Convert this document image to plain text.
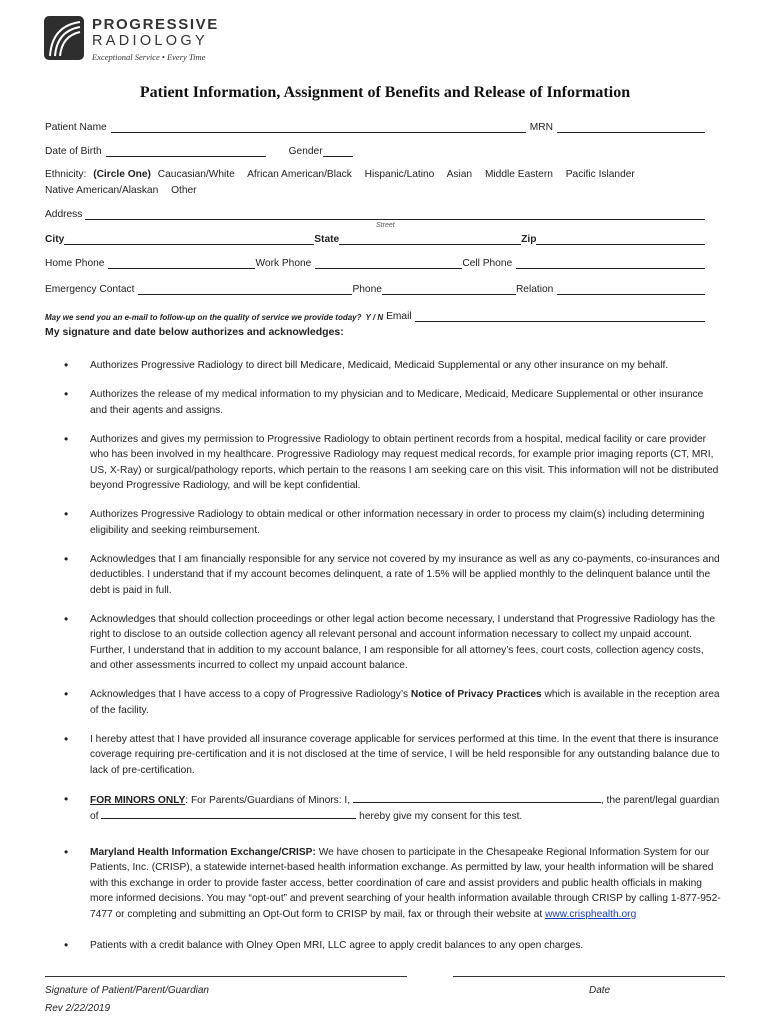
PROGRESSIVE
RADIOLOGY
Exceptional Service • Every Time
Patient Information, Assignment of Benefits and Release of Information
Patient Name	MRN
Date of Birth	Gender
Ethnicity: (Circle One) Caucasian/White African American/Black Hispanic/Latino Asian Middle Eastern Pacific Islander
Native American/Alaskan Other
Address
Street
City	State	Zip
Home Phone	Work Phone	Cell Phone
Emergency Contact	Phone	Relation
May we send you an e-mail to follow-up on the quality of service we provide today? Y / N Email
My signature and date below authorizes and acknowledges:
• Authorizes Progressive Radiology to direct bill Medicare, Medicaid, Medicaid Supplemental or any other insurance on my behalf.
• Authorizes the release of my medical information to my physician and to Medicare, Medicaid, Medicare Supplemental or other insurance and their agents and assigns.
• Authorizes and gives my permission to Progressive Radiology to obtain pertinent records from a hospital, medical facility or care provider who has been involved in my healthcare. Progressive Radiology may request medical records, for example prior imaging reports (CT, MRI, US, X-Ray) or surgical/pathology reports, which pertain to the reasons I am seeking care on this visit. This information will not be distributed beyond Progressive Radiology, and will be kept confidential.
• Authorizes Progressive Radiology to obtain medical or other information necessary in order to process my claim(s) including determining eligibility and seeking reimbursement.
• Acknowledges that I am financially responsible for any service not covered by my insurance as well as any co-payments, co-insurances and deductibles. I understand that if my account becomes delinquent, a rate of 1.5% will be applied monthly to the delinquent balance until the debt is paid in full.
• Acknowledges that should collection proceedings or other legal action become necessary, I understand that Progressive Radiology has the right to disclose to an outside collection agency all relevant personal and account information necessary to collect my unpaid account. Further, I understand that in addition to my account balance, I am responsible for all attorney’s fees, court costs, collection agency costs, and other assessments incurred to collect my unpaid account balance.
• Acknowledges that I have access to a copy of Progressive Radiology’s Notice of Privacy Practices which is available in the reception area of the facility.
• I hereby attest that I have provided all insurance coverage applicable for services performed at this time. In the event that there is insurance coverage requiring pre-certification and it is not disclosed at the time of service, I will be held responsible for any outstanding balance due to lack of pre-certification.
• FOR MINORS ONLY: For Parents/Guardians of Minors: I,	, the parent/legal guardian of	hereby give my consent for this test.
• Maryland Health Information Exchange/CRISP: We have chosen to participate in the Chesapeake Regional Information System for our Patients, Inc. (CRISP), a statewide internet-based health information exchange. As permitted by law, your health information will be shared with this exchange in order to provide faster access, better coordination of care and assist providers and public health officials in making more informed decisions. You may “opt-out” and prevent searching of your health information available through CRISP by calling 1-877-952-7477 or completing and submitting an Opt-Out form to CRISP by mail, fax or through their website at www.crisphealth.org
• Patients with a credit balance with Olney Open MRI, LLC agree to apply credit balances to any open charges.
Signature of Patient/Parent/Guardian	Date
Rev 2/22/2019
